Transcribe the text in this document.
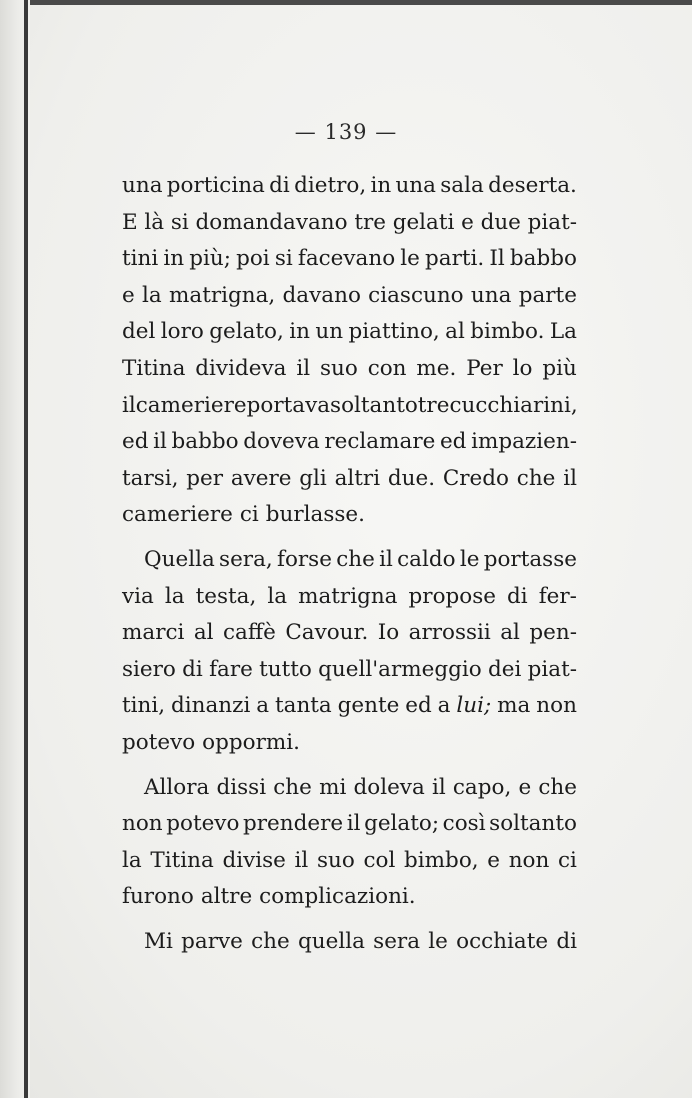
— 139 —
una porticina di dietro, in una sala deserta.
E là si domandavano tre gelati e due piat-
tini in più; poi si facevano le parti. Il babbo
e la matrigna, davano ciascuno una parte
del loro gelato, in un piattino, al bimbo. La
Titina divideva il suo con me. Per lo più
il cameriere portava soltanto tre cucchiarini,
ed il babbo doveva reclamare ed impazien-
tarsi, per avere gli altri due. Credo che il
cameriere ci burlasse.
Quella sera, forse che il caldo le portasse
via la testa, la matrigna propose di fer-
marci al caffè Cavour. Io arrossii al pen-
siero di fare tutto quell'armeggio dei piat-
tini, dinanzi a tanta gente ed a lui; ma non
potevo oppormi.
Allora dissi che mi doleva il capo, e che
non potevo prendere il gelato; così soltanto
la Titina divise il suo col bimbo, e non ci
furono altre complicazioni.
Mi parve che quella sera le occhiate di
